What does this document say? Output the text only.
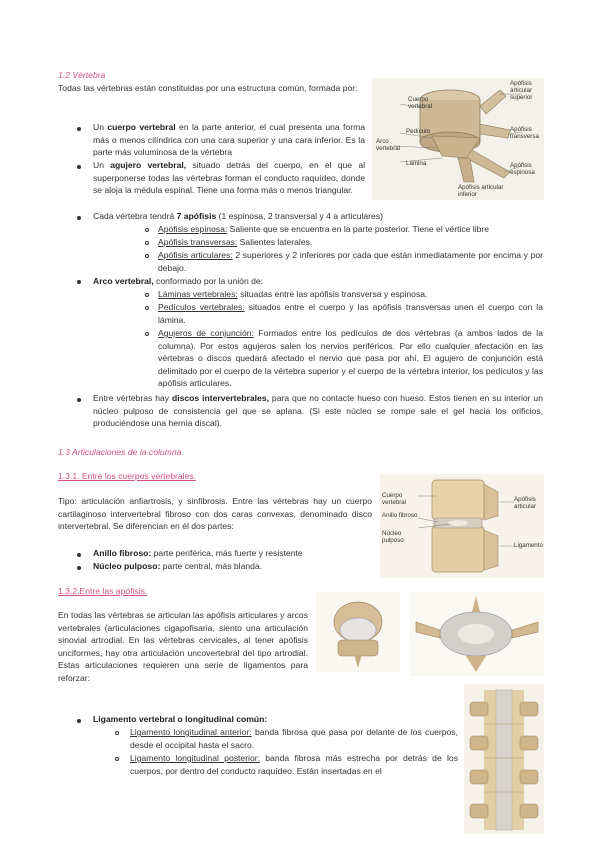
1.2 Vértebra
Todas las vértebras están constituidas por una estructura común, formada por:
Un cuerpo vertebral en la parte anterior, el cual presenta una forma más o menos cilíndrica con una cara superior y una cara inferior. Es la parte más voluminosa de la vértebra
Un agujero vertebral, situado detrás del cuerpo, en el que al superponerse todas las vértebras forman el conducto raquídeo, donde se aloja la médula espinal. Tiene una forma más o menos triangular.
Cada vértebra tendrá 7 apófisis (1 espinosa, 2 transversal y 4 a articulares)
Apófisis espinosa: Saliente que se encuentra en la parte posterior. Tiene el vértice libre
Apófisis transversas: Salientes laterales.
Apófisis articulares: 2 superiores y 2 inferiores por cada que están inmediatamente por encima y por debajo.
Arco vertebral, conformado por la unión de:
Láminas vertebrales: situadas entre las apófisis transversa y espinosa.
Pedículos vertebrales: situados entre el cuerpo y las apófisis transversas unen el cuerpo con la lámina.
Agujeros de conjunción: Formados entre los pedículos de dos vértebras (a ambos lados de la columna). Por estos agujeros salen los nervios periféricos. Por ello cualquier afectación en las vértebras o discos quedará afectado el nervio que pasa por ahí. El agujero de conjunción está delimitado por el cuerpo de la vértebra superior y el cuerpo de la vértebra interior, los pedículos y las apófisis articulares.
Entre vértebras hay discos intervertebrales, para que no contacte hueso con hueso. Estos tienen en su interior un núcleo pulposo de consistencia gel que se aplana. (Si este núcleo se rompe sale el gel hacia los orificios, produciéndose una hernia discal).
1.3 Articulaciones de la columna
1.3.1. Entre los cuerpos vertebrales.
Tipo: articulación anfiartrosis, y sinfibrosis. Entre las vértebras hay un cuerpo cartilaginoso intervertebral fibroso con dos caras convexas, denominado disco intervertebral. Se diferencian en él dos partes:
Anillo fibroso: parte periférica, más fuerte y resistente
Núcleo pulposo: parte central, más blanda.
1.3.2.Entre las apófisis.
En todas las vértebras se articulan las apófisis articulares y arcos vertebrales (articulaciones cigapofisaria, siento una articulación sinovial artrodial. En las vértebras cervicales, al tener apófisis unciformes, hay otra articulación uncovertebral del tipo artrodial. Estas articulaciones requieren una serie de ligamentos para reforzar:
Ligamento vertebral o longitudinal común:
Ligamento longitudinal anterior: banda fibrosa que pasa por delante de los cuerpos, desde el occipital hasta el sacro.
Ligamento longitudinal posterior: banda fibrosa más estrecha por detrás de los cuerpos, por dentro del conducto raquídeo. Están insertadas en el
Cuerpo vertebral
Pedículo
Arco vertebral
Lámina
Apófisis articular superior
Apófisis transversa
Apófisis espinosa
Apófisis articular inferior
Cuerpo vertebral
Anillo fibroso
Núcleo pulposo
Apófisis articular
Ligamento
